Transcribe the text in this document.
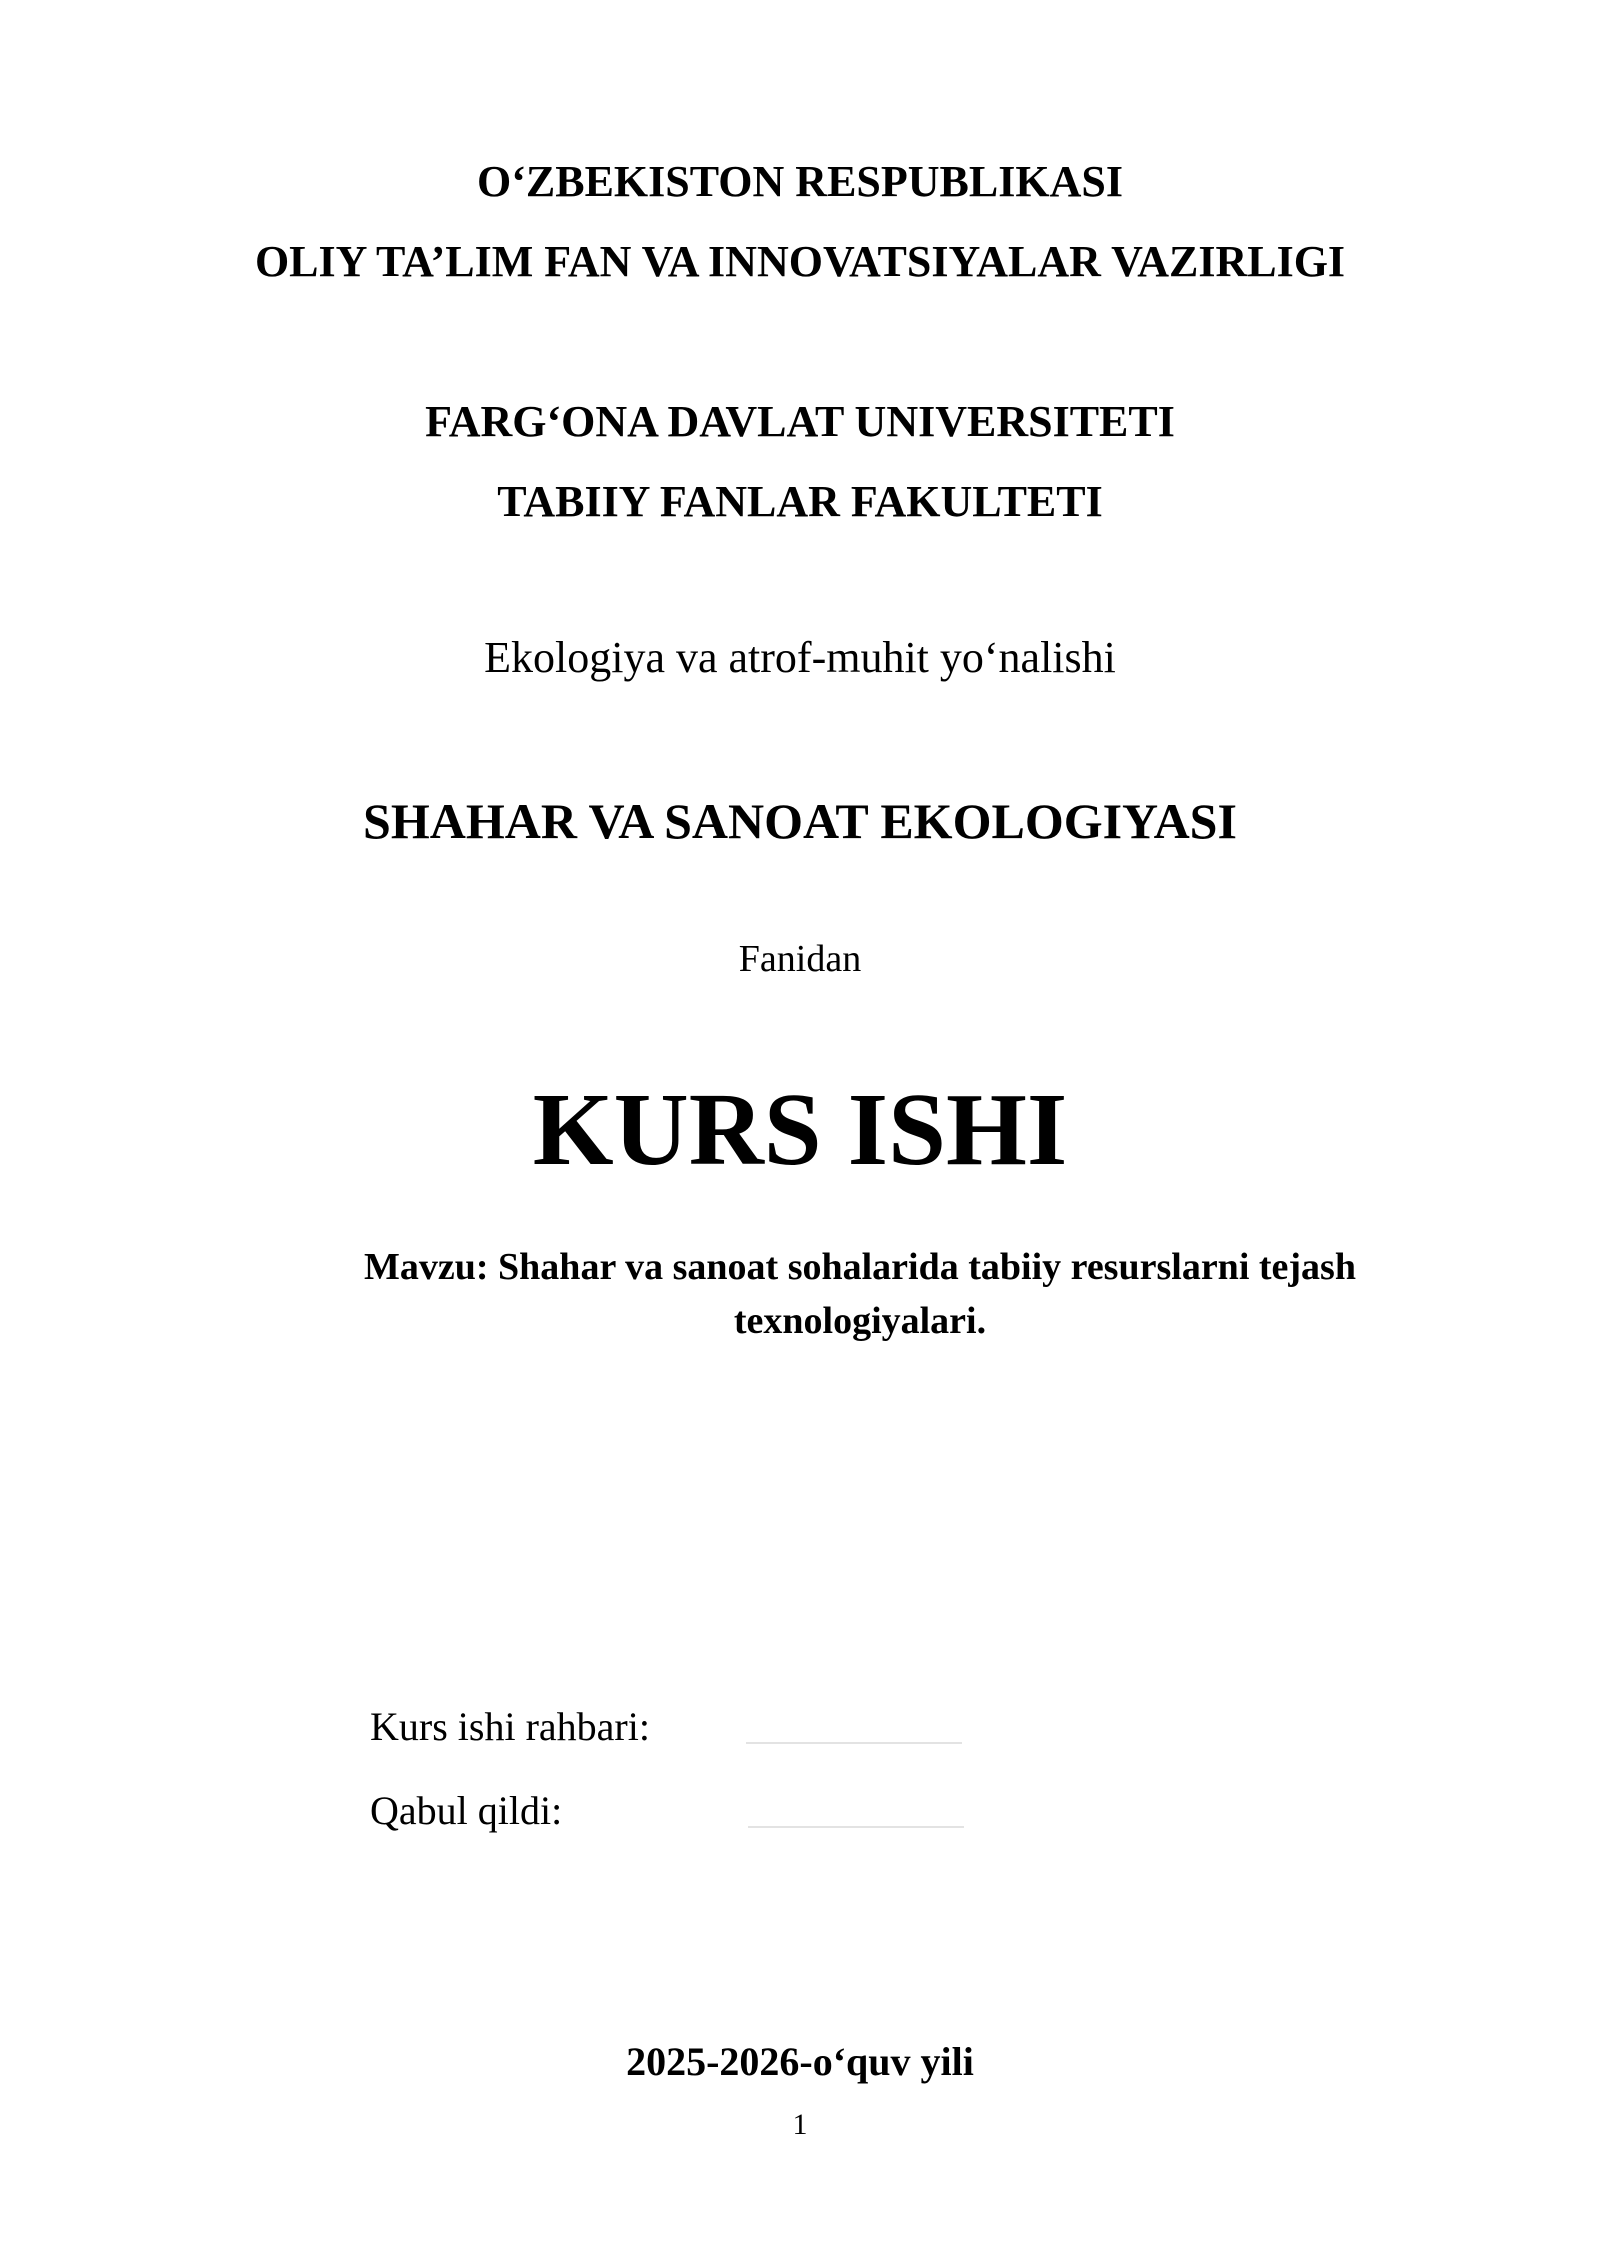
O‘ZBEKISTON RESPUBLIKASI
OLIY TA’LIM FAN VA INNOVATSIYALAR VAZIRLIGI
FARG‘ONA DAVLAT UNIVERSITETI
TABIIY FANLAR FAKULTETI
Ekologiya va atrof-muhit yo‘nalishi
SHAHAR VA SANOAT EKOLOGIYASI
Fanidan
KURS ISHI
Mavzu: Shahar va sanoat sohalarida tabiiy resurslarni tejash texnologiyalari.
Kurs ishi rahbari:
Qabul qildi:
2025-2026-o‘quv yili
1
